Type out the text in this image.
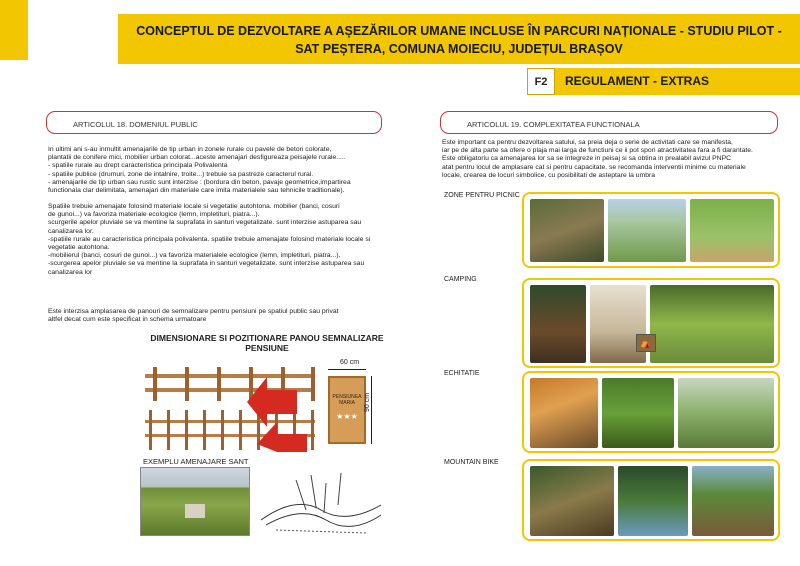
CONCEPTUL DE DEZVOLTARE A AȘEZĂRILOR UMANE INCLUSE ÎN PARCURI NAȚIONALE - STUDIU PILOT -
SAT PEȘTERA, COMUNA MOIECIU, JUDEȚUL BRAȘOV
F2	REGULAMENT - EXTRAS
ARTICOLUL 18. DOMENIUL PUBLIC
In ultimi ani s-au inmultit amenajarile de tip urban in zonele rurale cu pavele de beton colorate,
plantatii de conifere mici, mobilier urban colorat...aceste amenajari desfigureaza peisajele rurale.....
- spatiile rurale au drept caracteristica principala Polivalenta
- spatiile publice (drumuri, zone de intalnire, troite...) trebuie sa pastreze caracterul rural.
- amenajarile de tip urban sau rustic sunt interzise : (bordura din beton, pavaje geometrice,impartirea
functionala clar delimitata, amenajari din materiale care imita materialele sau tehnicile traditionale).
Spatiile trebuie amenajate folosind materiale locale si vegetatie autohtona. mobilier (banci, cosuri
de gunoi...) va favoriza materiale ecologice (lemn, impletituri, piatra...).
scurgerile apelor pluviale se va mentine la suprafata in santuri vegetalizate. sunt interzise astuparea sau
canalizarea lor.
-spatiile rurale au caracteristica principala polivalenta. spatiile trebuie amenajate folosind materiale locale si
vegetatie autohtona.
-mobilierul (banci, cosuri de gunoi...) va favoriza materialele ecologice (lemn, impletituri, piatra...).
-scurgerea apelor pluviale se va mentine la suprafata in santuri vegetalizate. sunt interzise astuparea sau
canalizarea lor
Este interzisa amplasarea de panouri de semnalizare pentru pensiuni pe spatiul public sau privat
altfel decat cum este specificat in schema urmatoare
DIMENSIONARE SI POZITIONARE PANOU SEMNALIZARE
PENSIUNE
PENSIUNEA
MARIA
★★★
60 cm
90 cm
EXEMPLU AMENAJARE SANT
ARTICOLUL 19. COMPLEXITATEA FUNCTIONALA
Este important ca pentru dezvoltarea satului, sa preia deja o serie de activitati care se manifesta,
iar pe de alta parte sa ofere o plaja mai larga de functiuni ce ii pot spori atractivitatea fara a fi darantate.
Este obligatoriu ca amenajarea lor sa se integreze in peisaj si sa obtina in prealabil avizul PNPC
atat pentru locul de amplasare cat si pentru capacitate. se recomanda interventii minime cu materiale
locale, crearea de locuri simbolice, cu posibilitati de asteptare la umbra
ZONE PENTRU PICNIC
CAMPING
⛺
ECHITATIE
MOUNTAIN BIKE
